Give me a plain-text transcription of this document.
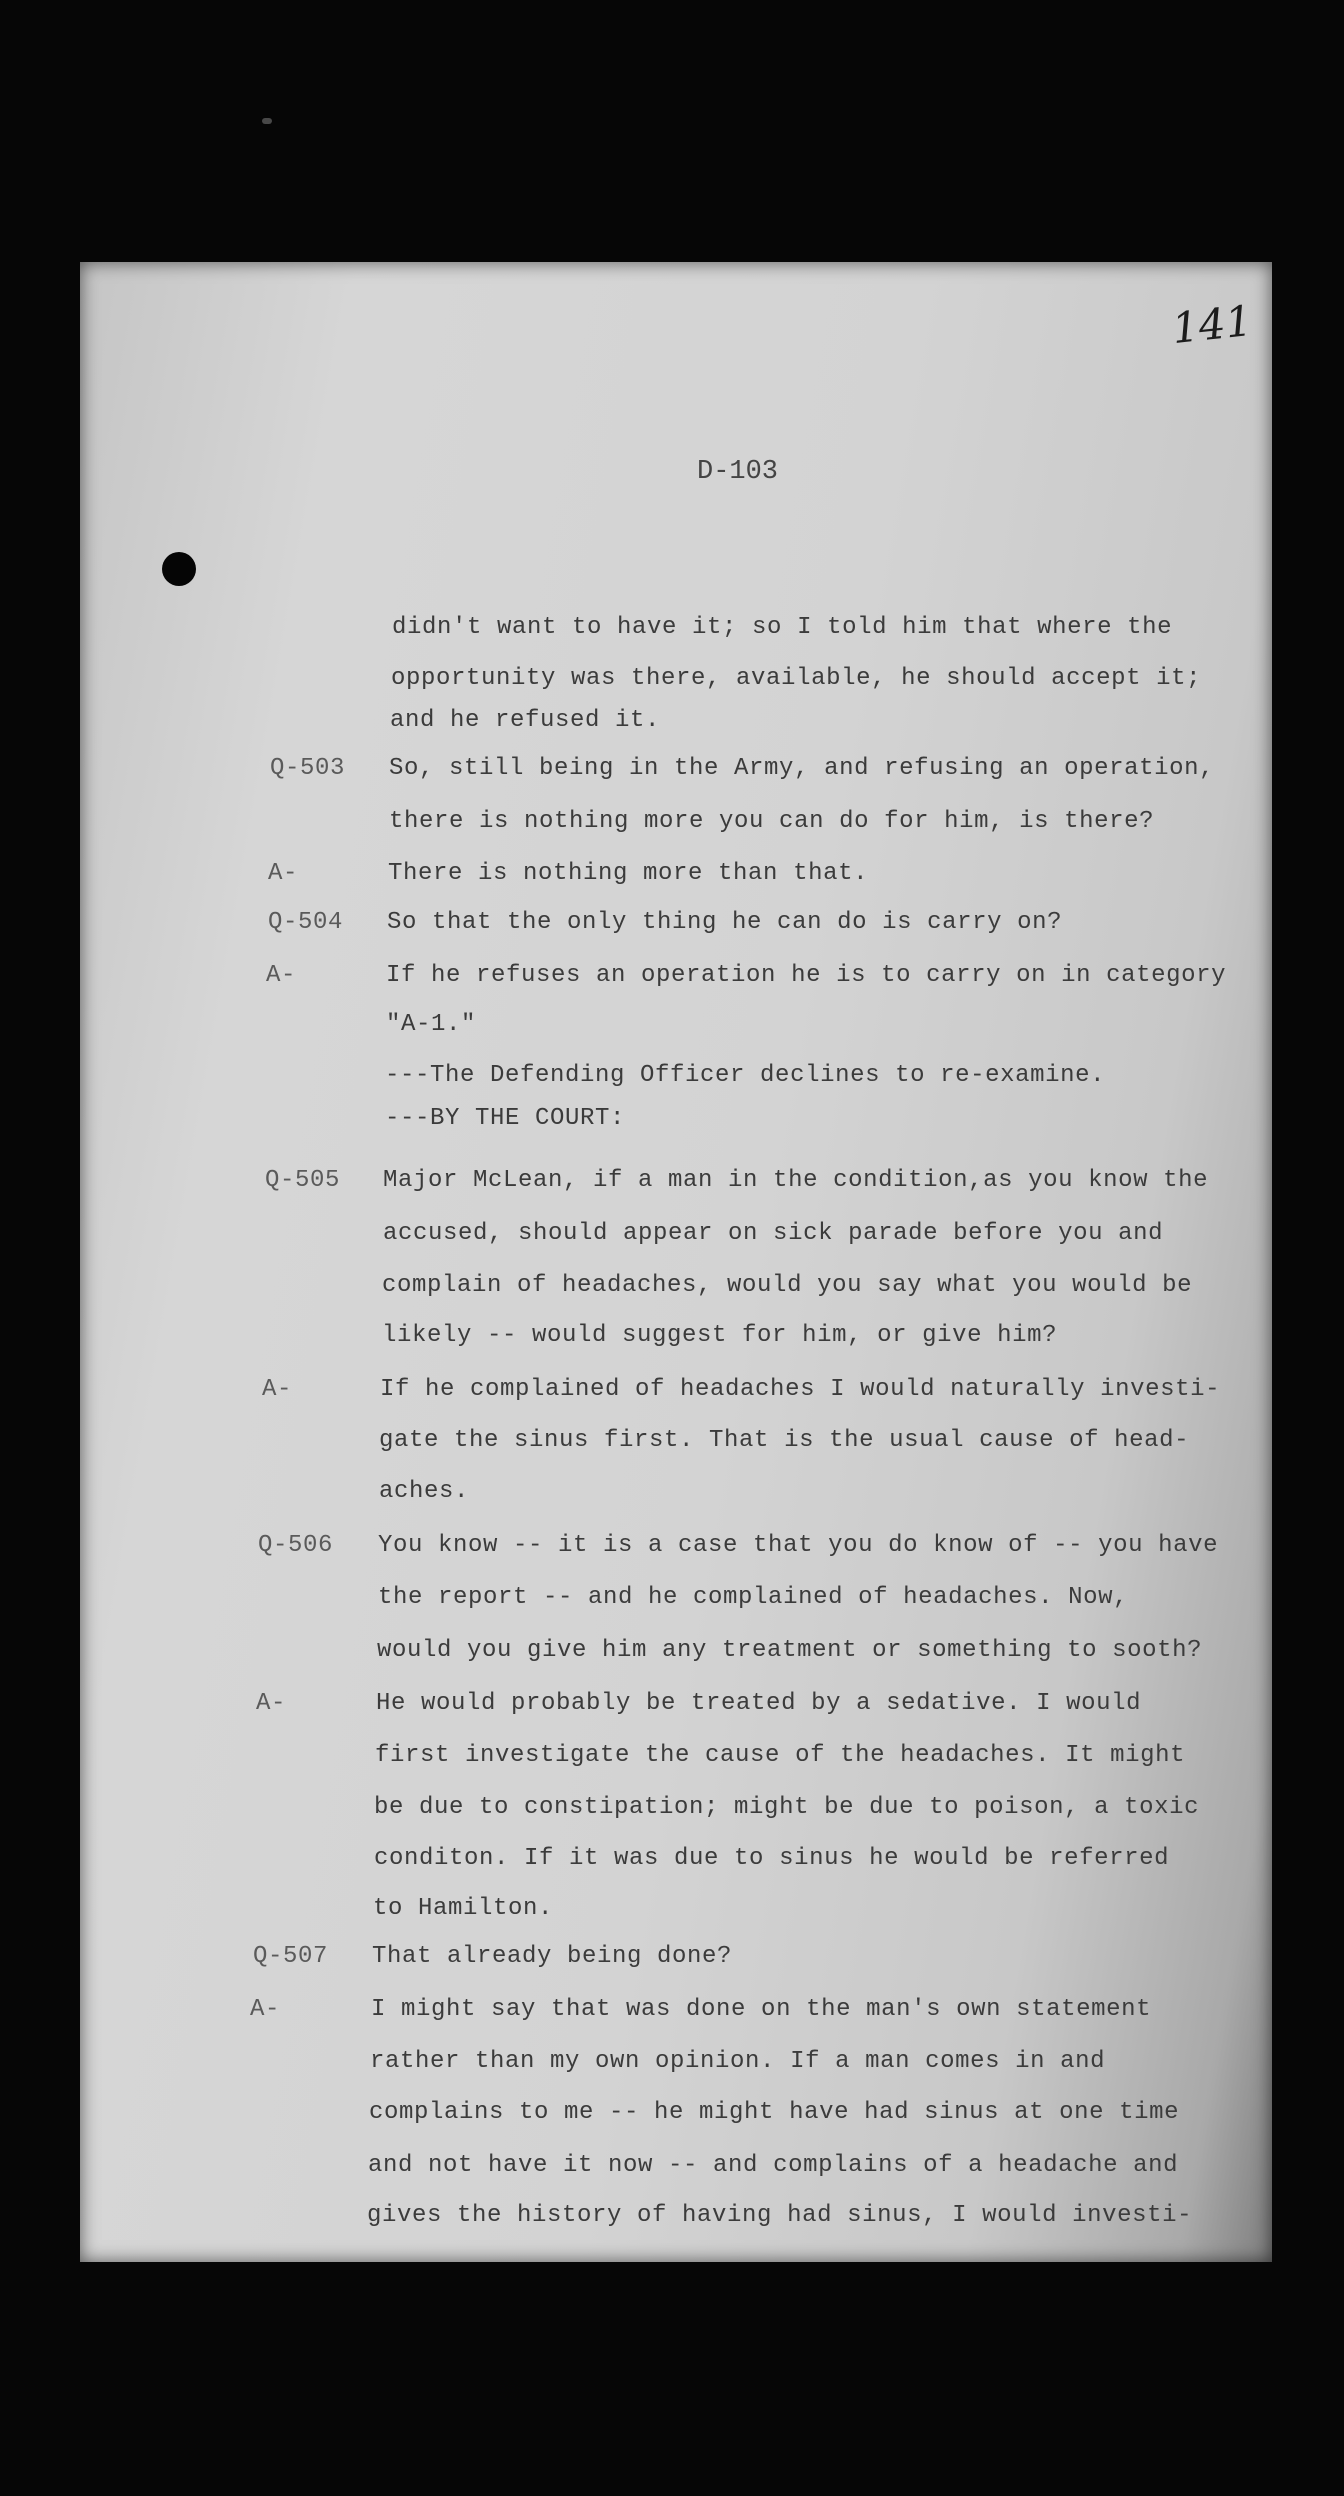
141
D-103
didn't want to have it; so I told him that where the
opportunity was there, available, he should accept it;
and he refused it.
Q-503 So, still being in the Army, and refusing an operation,
there is nothing more you can do for him, is there?
A-	There is nothing more than that.
Q-504 So that the only thing he can do is carry on?
A-	If he refuses an operation he is to carry on in category
"A-1."
---The Defending Officer declines to re-examine.
---BY THE COURT:
Q-505 Major McLean, if a man in the condition,as you know the
accused, should appear on sick parade before you and
complain of headaches, would you say what you would be
likely -- would suggest for him, or give him?
A-	If he complained of headaches I would naturally investi-
gate the sinus first. That is the usual cause of head-
aches.
Q-506 You know -- it is a case that you do know of -- you have
the report -- and he complained of headaches. Now,
would you give him any treatment or something to sooth?
A-	He would probably be treated by a sedative. I would
first investigate the cause of the headaches. It might
be due to constipation; might be due to poison, a toxic
conditon. If it was due to sinus he would be referred
to Hamilton.
Q-507 That already being done?
A-	I might say that was done on the man's own statement
rather than my own opinion. If a man comes in and
complains to me -- he might have had sinus at one time
and not have it now -- and complains of a headache and
gives the history of having had sinus, I would investi-
